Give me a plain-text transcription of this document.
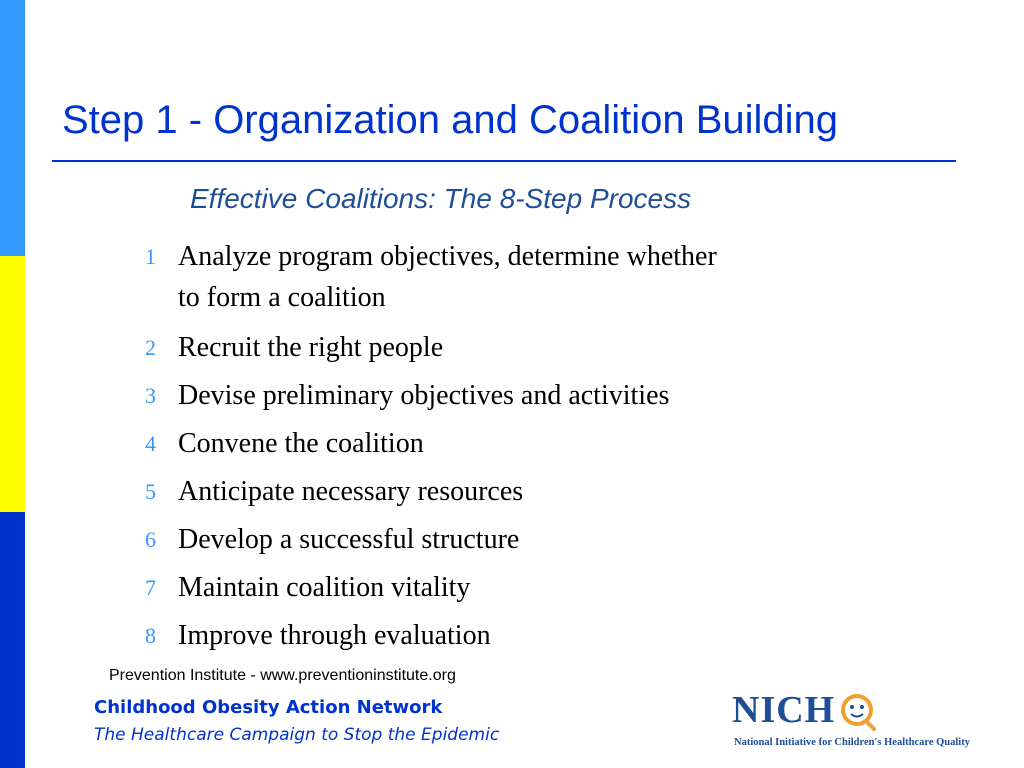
Step 1 - Organization and Coalition Building
Effective Coalitions: The 8-Step Process
1 Analyze program objectives, determine whether
to form a coalition
2 Recruit the right people
3 Devise preliminary objectives and activities
4 Convene the coalition
5 Anticipate necessary resources
6 Develop a successful structure
7 Maintain coalition vitality
8 Improve through evaluation
Prevention Institute - www.preventioninstitute.org
Childhood Obesity Action Network
The Healthcare Campaign to Stop the Epidemic
NICH
National Initiative for Children's Healthcare Quality
